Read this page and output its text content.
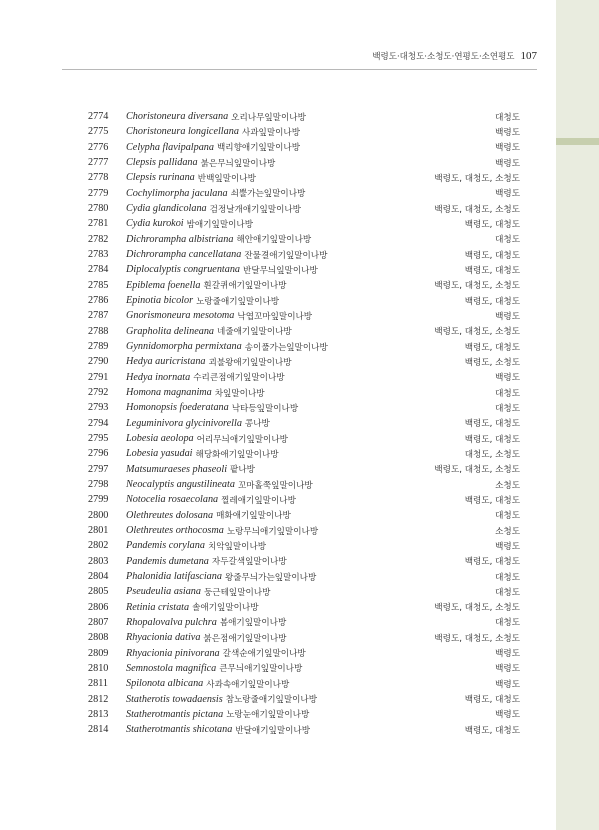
백령도·대청도·소청도·연평도·소연평도 107
2774	Choristoneura diversana 오리나무잎말이나방	대청도
2775	Choristoneura longicellana 사과잎말이나방	백령도
2776	Celypha flavipalpana 백리향애기잎말이나방	백령도
2777	Clepsis pallidana 붉은무늬잎말이나방	백령도
2778	Clepsis rurinana 반백잎말이나방	백령도, 대청도, 소청도
2779	Cochylimorpha jaculana 쇠뿔가는잎말이나방	백령도
2780	Cydia glandicolana 검정날개애기잎말이나방	백령도, 대청도, 소청도
2781	Cydia kurokoi 밤애기잎말이나방	백령도, 대청도
2782	Dichrorampha albistriana 해안애기잎말이나방	대청도
2783	Dichrorampha cancellatana 잔물결애기잎말이나방	백령도, 대청도
2784	Diplocalyptis congruentana 반달무늬잎말이나방	백령도, 대청도
2785	Epiblema foenella 흰갈퀴애기잎말이나방	백령도, 대청도, 소청도
2786	Epinotia bicolor 노랑줄애기잎말이나방	백령도, 대청도
2787	Gnorismoneura mesotoma 낙엽꼬마잎말이나방	백령도
2788	Grapholita delineana 네줄애기잎말이나방	백령도, 대청도, 소청도
2789	Gynnidomorpha permixtana 송이풀가는잎말이나방	백령도, 대청도
2790	Hedya auricristana 괴불왕애기잎말이나방	백령도, 소청도
2791	Hedya inornata 수리큰점애기잎말이나방	백령도
2792	Homona magnanima 차잎말이나방	대청도
2793	Homonopsis foederatana 낙타등잎말이나방	대청도
2794	Leguminivora glycinivorella 콩나방	백령도, 대청도
2795	Lobesia aeolopa 어리무늬애기잎말이나방	백령도, 대청도
2796	Lobesia yasudai 해당화애기잎말이나방	대청도, 소청도
2797	Matsumuraeses phaseoli 팥나방	백령도, 대청도, 소청도
2798	Neocalyptis angustilineata 꼬마홀쭉잎말이나방	소청도
2799	Notocelia rosaecolana 찔레애기잎말이나방	백령도, 대청도
2800	Olethreutes dolosana 매화애기잎말이나방	대청도
2801	Olethreutes orthocosma 노랑무늬애기잎말이나방	소청도
2802	Pandemis corylana 치악잎말이나방	백령도
2803	Pandemis dumetana 자두갈색잎말이나방	백령도, 대청도
2804	Phalonidia latifasciana 왕줄무늬가는잎말이나방	대청도
2805	Pseudeulia asiana 둥근테잎말이나방	대청도
2806	Retinia cristata 솔애기잎말이나방	백령도, 대청도, 소청도
2807	Rhopalovalva pulchra 봄애기잎말이나방	대청도
2808	Rhyacionia dativa 붉은점애기잎말이나방	백령도, 대청도, 소청도
2809	Rhyacionia pinivorana 갈색순애기잎말이나방	백령도
2810	Semnostola magnifica 큰무늬애기잎말이나방	백령도
2811	Spilonota albicana 사과속애기잎말이나방	백령도
2812	Statherotis towadaensis 참노랑줄애기잎말이나방	백령도, 대청도
2813	Statherotmantis pictana 노랑눈애기잎말이나방	백령도
2814	Statherotmantis shicotana 반달애기잎말이나방	백령도, 대청도
